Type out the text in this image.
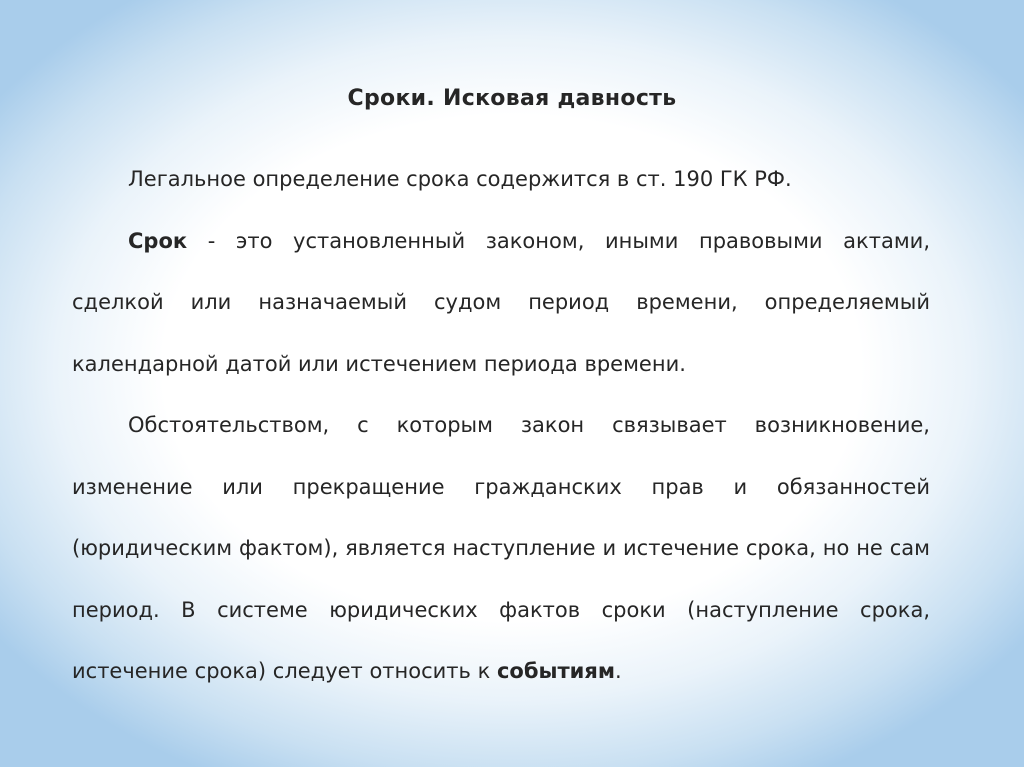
Сроки. Исковая давность

Легальное определение срока содержится в ст. 190 ГК РФ.

Срок - это установленный законом, иными правовыми актами, сделкой или назначаемый судом период времени, определяемый календарной датой или истечением периода времени.

Обстоятельством, с которым закон связывает возникновение, изменение или прекращение гражданских прав и обязанностей (юридическим фактом), является наступление и истечение срока, но не сам период. В системе юридических фактов сроки (наступление срока, истечение срока) следует относить к событиям.
